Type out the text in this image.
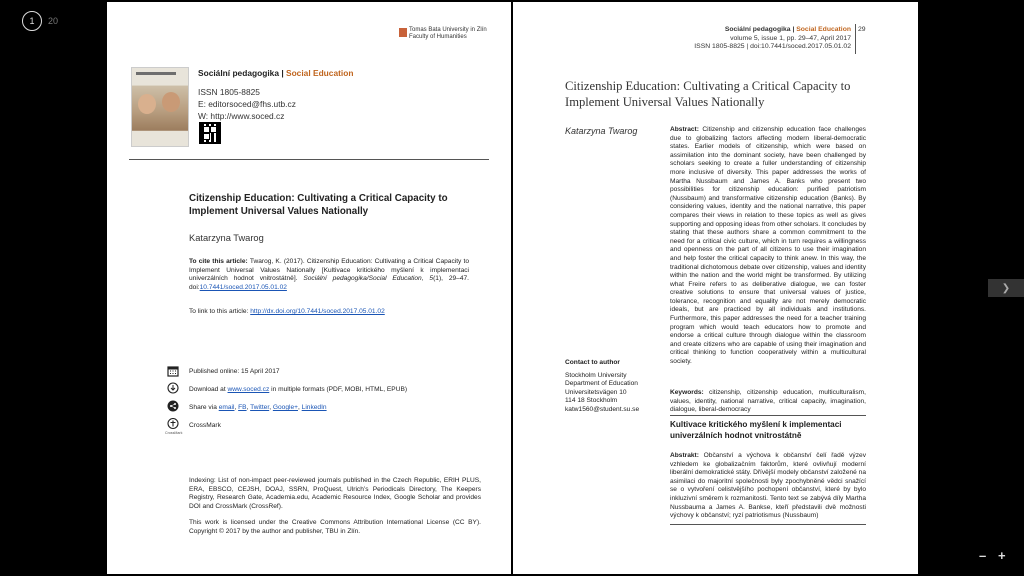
1	20
Tomas Bata University in Zlín
Faculty of Humanities
Sociální pedagogika | Social Education
ISSN 1805-8825
E: editorsoced@fhs.utb.cz
W: http://www.soced.cz
Citizenship Education: Cultivating a Critical Capacity to Implement Universal Values Nationally
Katarzyna Twarog
To cite this article: Twarog, K. (2017). Citizenship Education: Cultivating a Critical Capacity to Implement Universal Values Nationally [Kultivace kritického myšlení k implementaci univerzálních hodnot vnitrostátně]. Sociální pedagogika/Social Education, 5(1), 29–47. doi:10.7441/soced.2017.05.01.02
To link to this article: http://dx.doi.org/10.7441/soced.2017.05.01.02
Published online: 15 April 2017
Download at www.soced.cz in multiple formats (PDF, MOBI, HTML, EPUB)
Share via email, FB, Twitter, Google+, LinkedIn
CrossMark
CrossMark
Indexing: List of non-impact peer-reviewed journals published in the Czech Republic, ERIH PLUS, ERA, EBSCO, CEJSH, DOAJ, SSRN, ProQuest, Ulrich’s Periodicals Directory, The Keepers Registry, Research Gate, Academia.edu, Academic Resource Index, Google Scholar and provides DOI and CrossMark (CrossRef).
This work is licensed under the Creative Commons Attribution International License (CC BY). Copyright © 2017 by the author and publisher, TBU in Zlín.
Sociální pedagogika | Social Education
volume 5, issue 1, pp. 29–47, April 2017
ISSN 1805-8825 | doi:10.7441/soced.2017.05.01.02
29
Citizenship Education: Cultivating a Critical Capacity to Implement Universal Values Nationally
Katarzyna Twarog	Abstract: Citizenship and citizenship education face challenges due to globalizing factors affecting modern liberal-democratic states. Earlier models of citizenship, which were based on assimilation into the dominant society, have been challenged by scholars seeking to create a fuller understanding of citizenship more inclusive of diversity. This paper addresses the works of Martha Nussbaum and James A. Banks who present two possibilities for citizenship education: purified patriotism (Nussbaum) and transformative citizenship education (Banks). By considering values, identity and the national narrative, this paper compares their views in relation to these topics as well as gives supporting and opposing ideas from other scholars. It concludes by stating that these authors share a common commitment to the need for a critical civic culture, which in turn requires a willingness and openness on the part of all citizens to use their imagination and help foster the critical capacity to think anew. In this way, the traditional dichotomous debate over citizenship, values and identity within the nation and the world might be transformed. By utilizing what Freire refers to as deliberative dialogue, we can foster creative solutions to ensure that universal values of justice, tolerance, recognition and equality are not merely democratic ideals, but are practiced by all individuals and institutions. Furthermore, this paper addresses the need for a teacher training program which would teach educators how to promote and endorse a critical culture through dialogue within the classroom and create citizens who are capable of using their imagination and critical thinking to function cooperatively within a multicultural society.
Keywords: citizenship, citizenship education, multiculturalism, values, identity, national narrative, critical capacity, imagination, dialogue, liberal-democracy
Kultivace kritického myšlení k implementaci univerzálních hodnot vnitrostátně
Abstrakt: Občanství a výchova k občanství čelí řadě výzev vzhledem ke globalizačním faktorům, které ovlivňují moderní liberální demokratické státy. Dřívější modely občanství založené na asimilaci do majoritní společnosti byly zpochybněné vědci snažící se o vytvoření celistvějšího pochopení občanství, které by bylo inkluzivní směrem k rozmanitosti. Tento text se zabývá díly Martha Nussbauma a James A. Bankse, kteří představili dvě možnosti výchovy k občanství; ryzí patriotismus (Nussbaum)
Contact to author
Stockholm University
Department of Education
Universitetsvägen 10
114 18 Stockholm
katw1560@student.su.se
❯
– +
